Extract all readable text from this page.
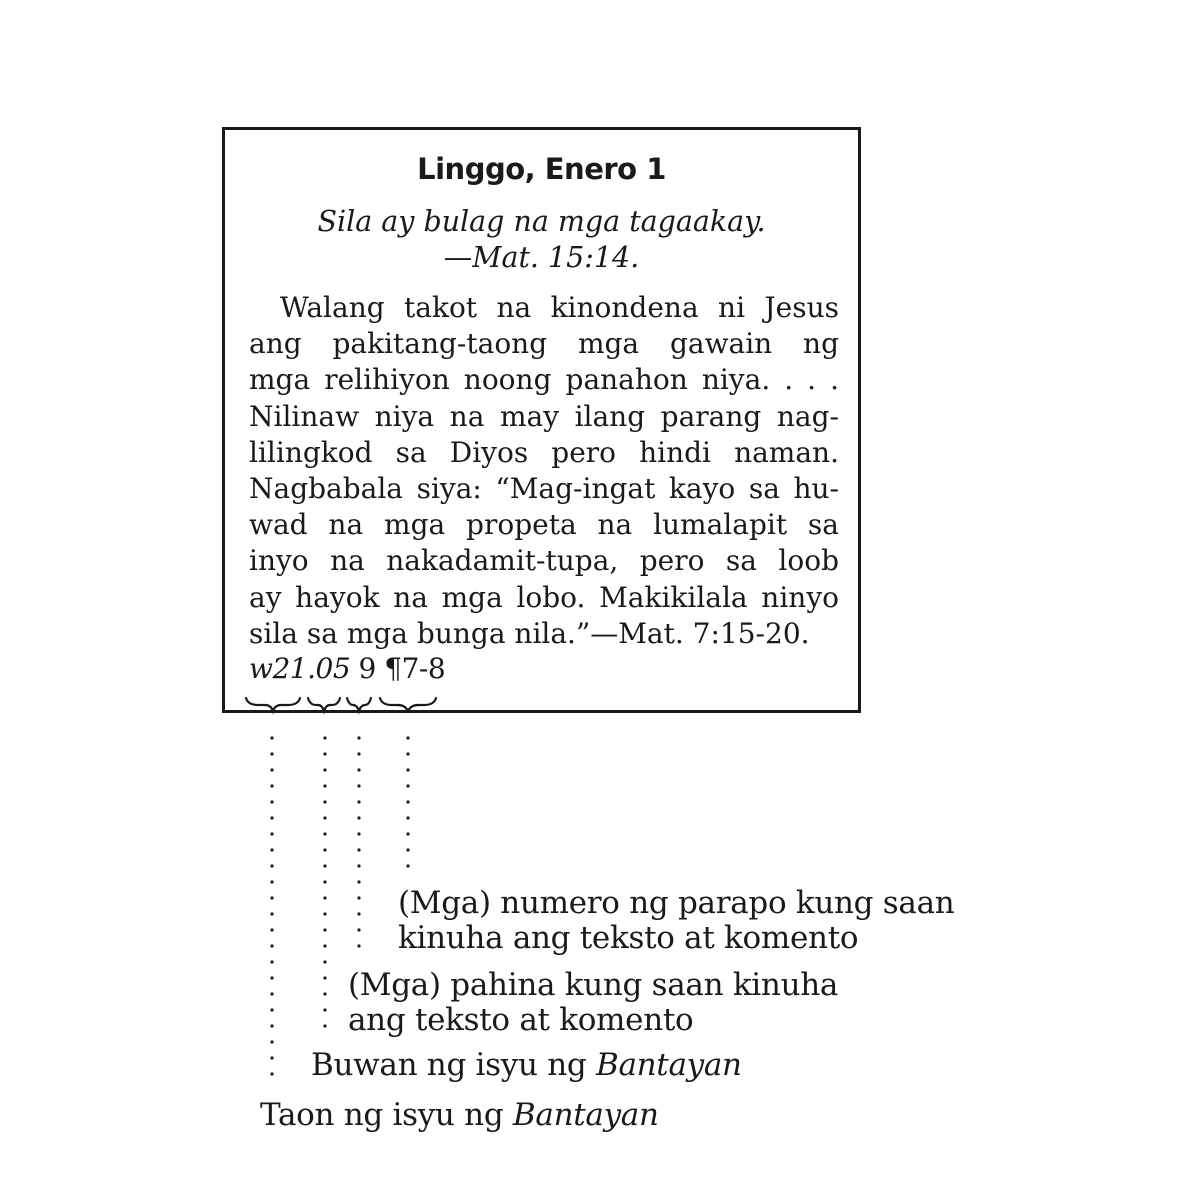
Linggo, Enero 1
Sila ay bulag na mga tagaakay.
—Mat. 15:14.
Walang takot na kinondena ni Jesus
ang pakitang-taong mga gawain ng
mga relihiyon noong panahon niya. . . .
Nilinaw niya na may ilang parang nag-
lilingkod sa Diyos pero hindi naman.
Nagbabala siya: “Mag-ingat kayo sa hu-
wad na mga propeta na lumalapit sa
inyo na nakadamit-tupa, pero sa loob
ay hayok na mga lobo. Makikilala ninyo
sila sa mga bunga nila.”—Mat. 7:15-20.
w21.05 9 ¶7-8
(Mga) numero ng parapo kung saan
kinuha ang teksto at komento
(Mga) pahina kung saan kinuha
ang teksto at komento
Buwan ng isyu ng Bantayan
Taon ng isyu ng Bantayan
